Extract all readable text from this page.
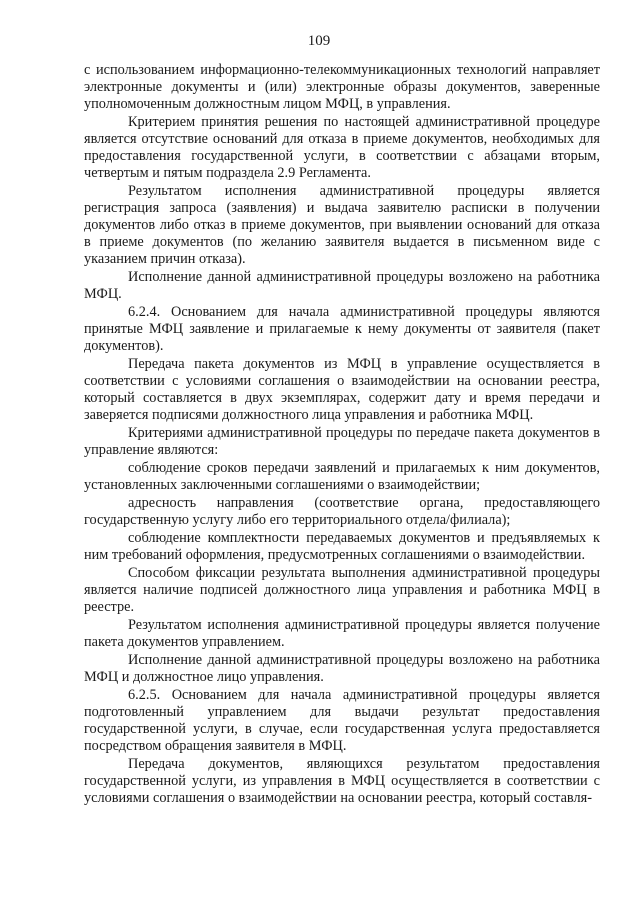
109

с использованием информационно-телекоммуникационных технологий направляет электронные документы и (или) электронные образы документов, заверенные уполномоченным должностным лицом МФЦ, в управления.

Критерием принятия решения по настоящей административной процедуре является отсутствие оснований для отказа в приеме документов, необходимых для предоставления государственной услуги, в соответствии с абзацами вторым, четвертым и пятым подраздела 2.9 Регламента.

Результатом исполнения административной процедуры является регистрация запроса (заявления) и выдача заявителю расписки в получении документов либо отказ в приеме документов, при выявлении оснований для отказа в приеме документов (по желанию заявителя выдается в письменном виде с указанием причин отказа).

Исполнение данной административной процедуры возложено на работника МФЦ.

6.2.4. Основанием для начала административной процедуры являются принятые МФЦ заявление и прилагаемые к нему документы от заявителя (пакет документов).

Передача пакета документов из МФЦ в управление осуществляется в соответствии с условиями соглашения о взаимодействии на основании реестра, который составляется в двух экземплярах, содержит дату и время передачи и заверяется подписями должностного лица управления и работника МФЦ.

Критериями административной процедуры по передаче пакета документов в управление являются:

соблюдение сроков передачи заявлений и прилагаемых к ним документов, установленных заключенными соглашениями о взаимодействии;

адресность направления (соответствие органа, предоставляющего государственную услугу либо его территориального отдела/филиала);

соблюдение комплектности передаваемых документов и предъявляемых к ним требований оформления, предусмотренных соглашениями о взаимодействии.

Способом фиксации результата выполнения административной процедуры является наличие подписей должностного лица управления и работника МФЦ в реестре.

Результатом исполнения административной процедуры является получение пакета документов управлением.

Исполнение данной административной процедуры возложено на работника МФЦ и должностное лицо управления.

6.2.5. Основанием для начала административной процедуры является подготовленный управлением для выдачи результат предоставления государственной услуги, в случае, если государственная услуга предоставляется посредством обращения заявителя в МФЦ.

Передача документов, являющихся результатом предоставления государственной услуги, из управления в МФЦ осуществляется в соответствии с условиями соглашения о взаимодействии на основании реестра, который составля-
